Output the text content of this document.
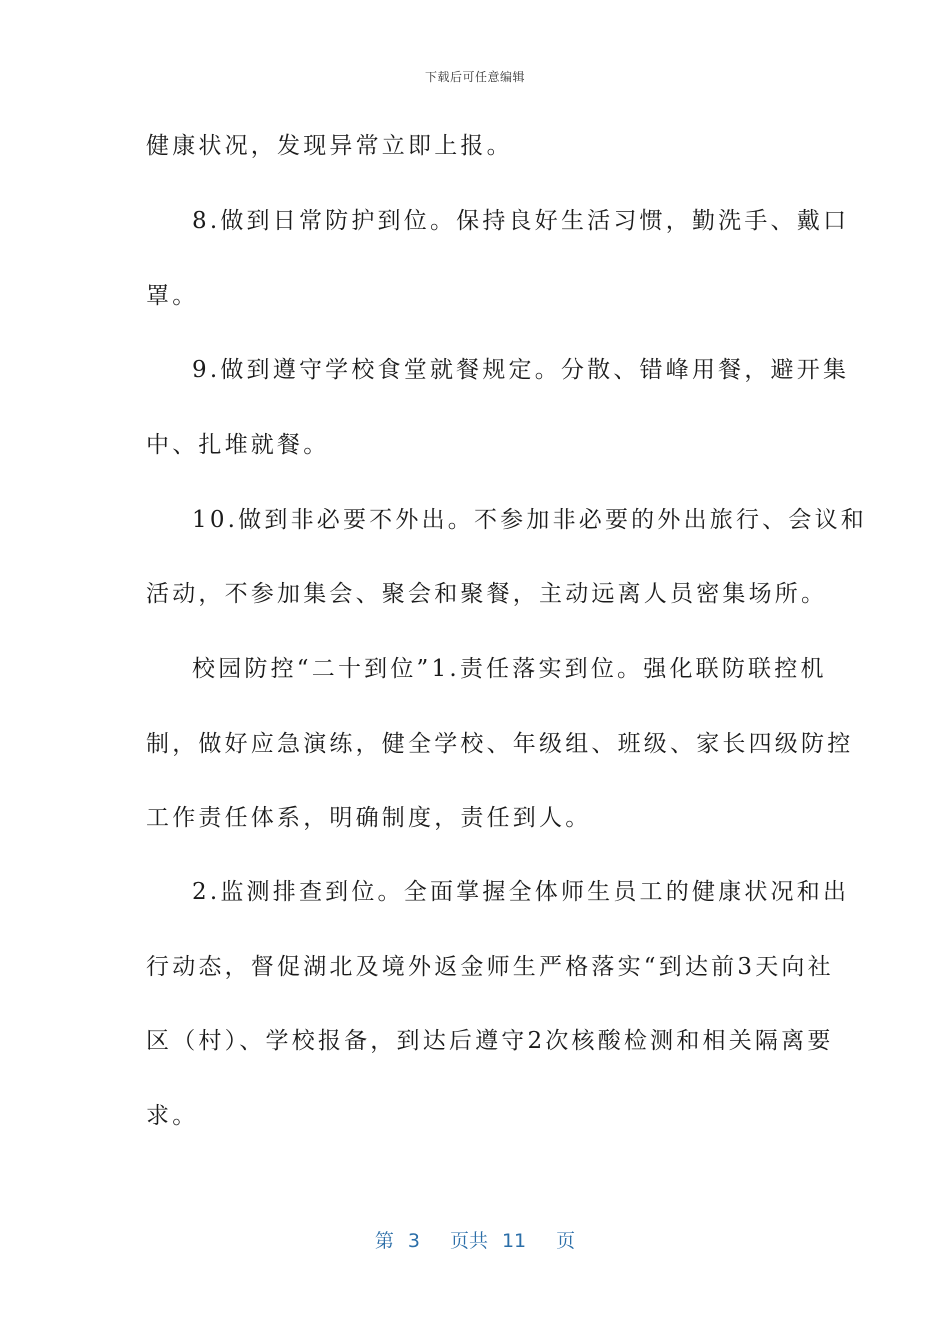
下载后可任意编辑
健康状况，发现异常立即上报。
8.做到日常防护到位。保持良好生活习惯，勤洗手、戴口
罩。
9.做到遵守学校食堂就餐规定。分散、错峰用餐，避开集
中、扎堆就餐。
10.做到非必要不外出。不参加非必要的外出旅行、会议和
活动，不参加集会、聚会和聚餐，主动远离人员密集场所。
校园防控“二十到位”1.责任落实到位。强化联防联控机
制，做好应急演练，健全学校、年级组、班级、家长四级防控
工作责任体系，明确制度，责任到人。
2.监测排查到位。全面掌握全体师生员工的健康状况和出
行动态，督促湖北及境外返金师生严格落实“到达前3天向社
区（村）、学校报备，到达后遵守2次核酸检测和相关隔离要
求。
第 3 页共 11 页
